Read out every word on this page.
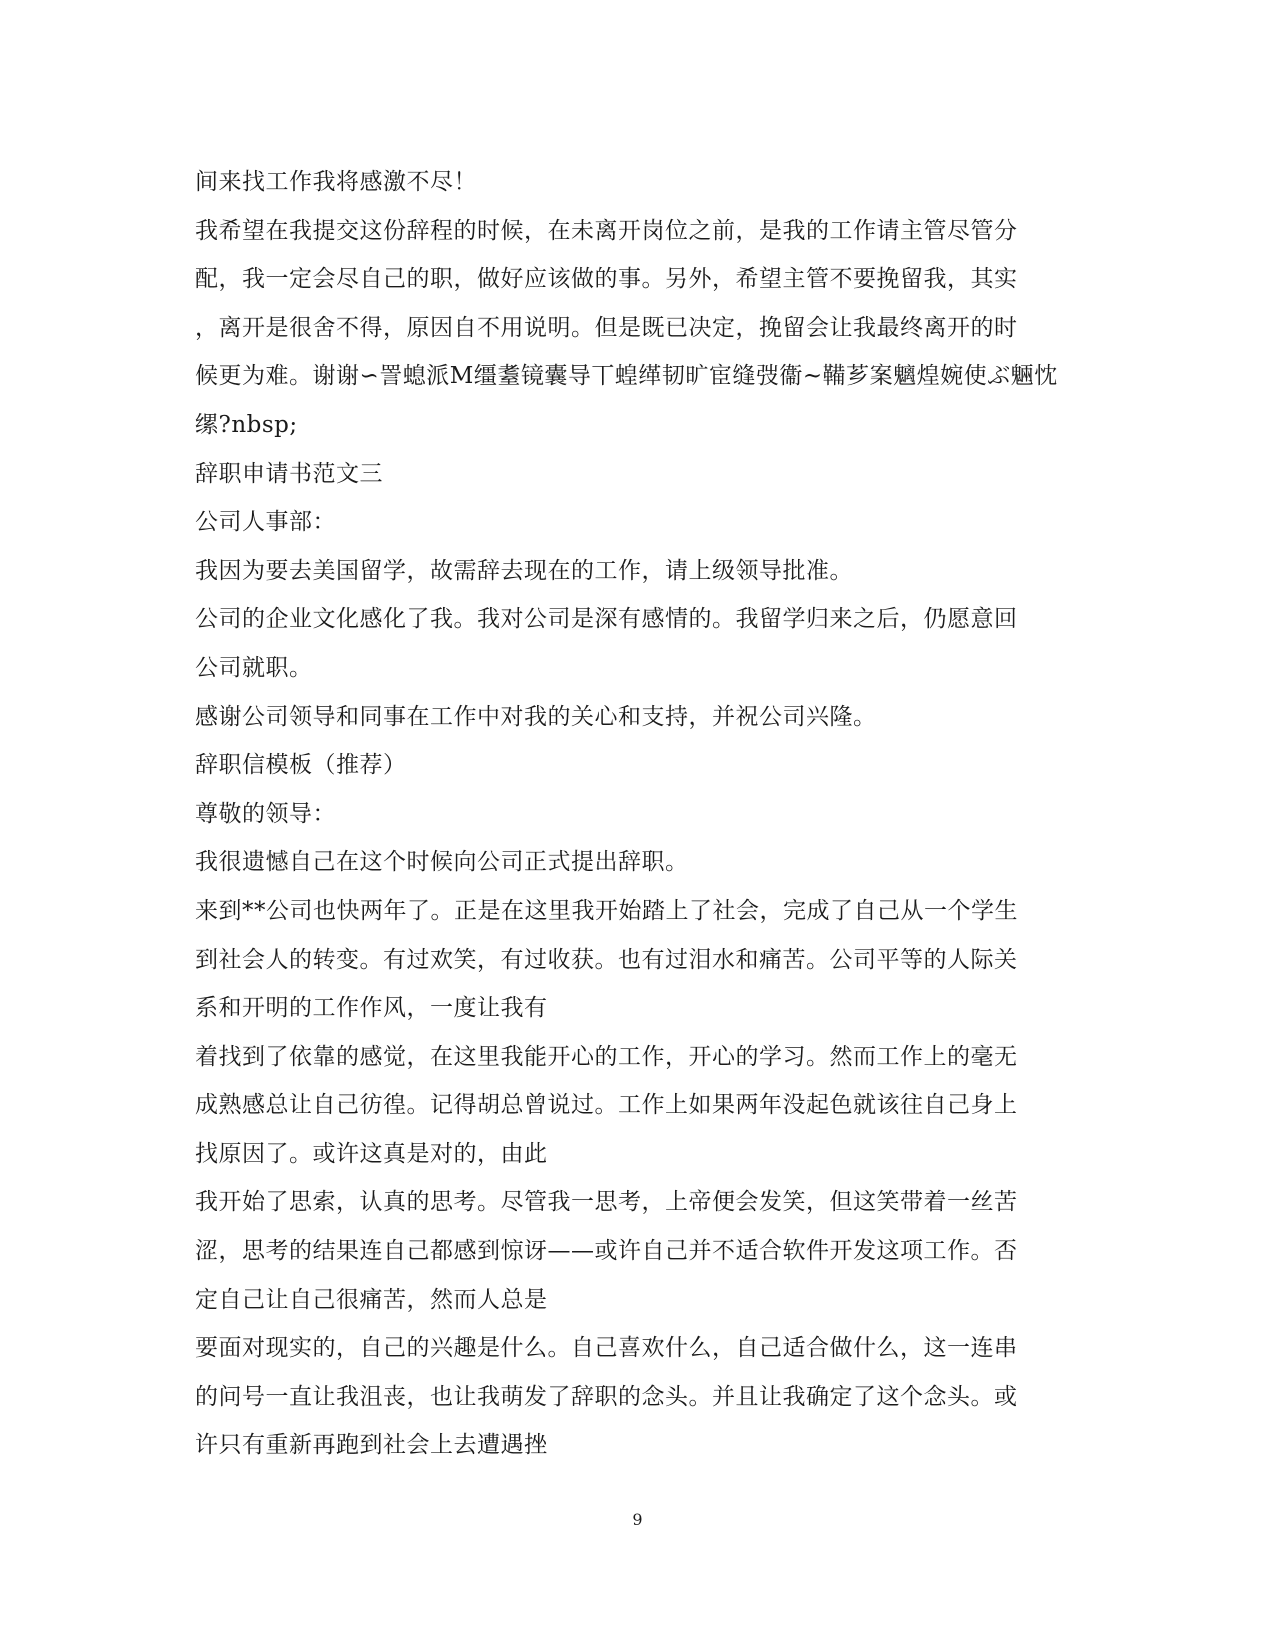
间来找工作我将感激不尽！
我希望在我提交这份辞程的时候，在未离开岗位之前，是我的工作请主管尽管分
配，我一定会尽自己的职，做好应该做的事。另外，希望主管不要挽留我，其实
，离开是很舍不得，原因自不用说明。但是既已决定，挽留会让我最终离开的时
候更为难。谢谢∽詈螅派M缰耋镜囊导丅蝗缂韧旷宦缝弢衞~鞴芗案魑煌婉使ぶ魎忱
缧?nbsp;
辞职申请书范文三
公司人事部：
我因为要去美国留学，故需辞去现在的工作，请上级领导批准。
公司的企业文化感化了我。我对公司是深有感情的。我留学归来之后，仍愿意回
公司就职。
感谢公司领导和同事在工作中对我的关心和支持，并祝公司兴隆。
辞职信模板（推荐）
尊敬的领导：
我很遗憾自己在这个时候向公司正式提出辞职。
来到**公司也快两年了。正是在这里我开始踏上了社会，完成了自己从一个学生
到社会人的转变。有过欢笑，有过收获。也有过泪水和痛苦。公司平等的人际关
系和开明的工作作风，一度让我有
着找到了依靠的感觉，在这里我能开心的工作，开心的学习。然而工作上的毫无
成熟感总让自己彷徨。记得胡总曾说过。工作上如果两年没起色就该往自己身上
找原因了。或许这真是对的，由此
我开始了思索，认真的思考。尽管我一思考，上帝便会发笑，但这笑带着一丝苦
涩，思考的结果连自己都感到惊讶——或许自己并不适合软件开发这项工作。否
定自己让自己很痛苦，然而人总是
要面对现实的，自己的兴趣是什么。自己喜欢什么，自己适合做什么，这一连串
的问号一直让我沮丧，也让我萌发了辞职的念头。并且让我确定了这个念头。或
许只有重新再跑到社会上去遭遇挫
9
